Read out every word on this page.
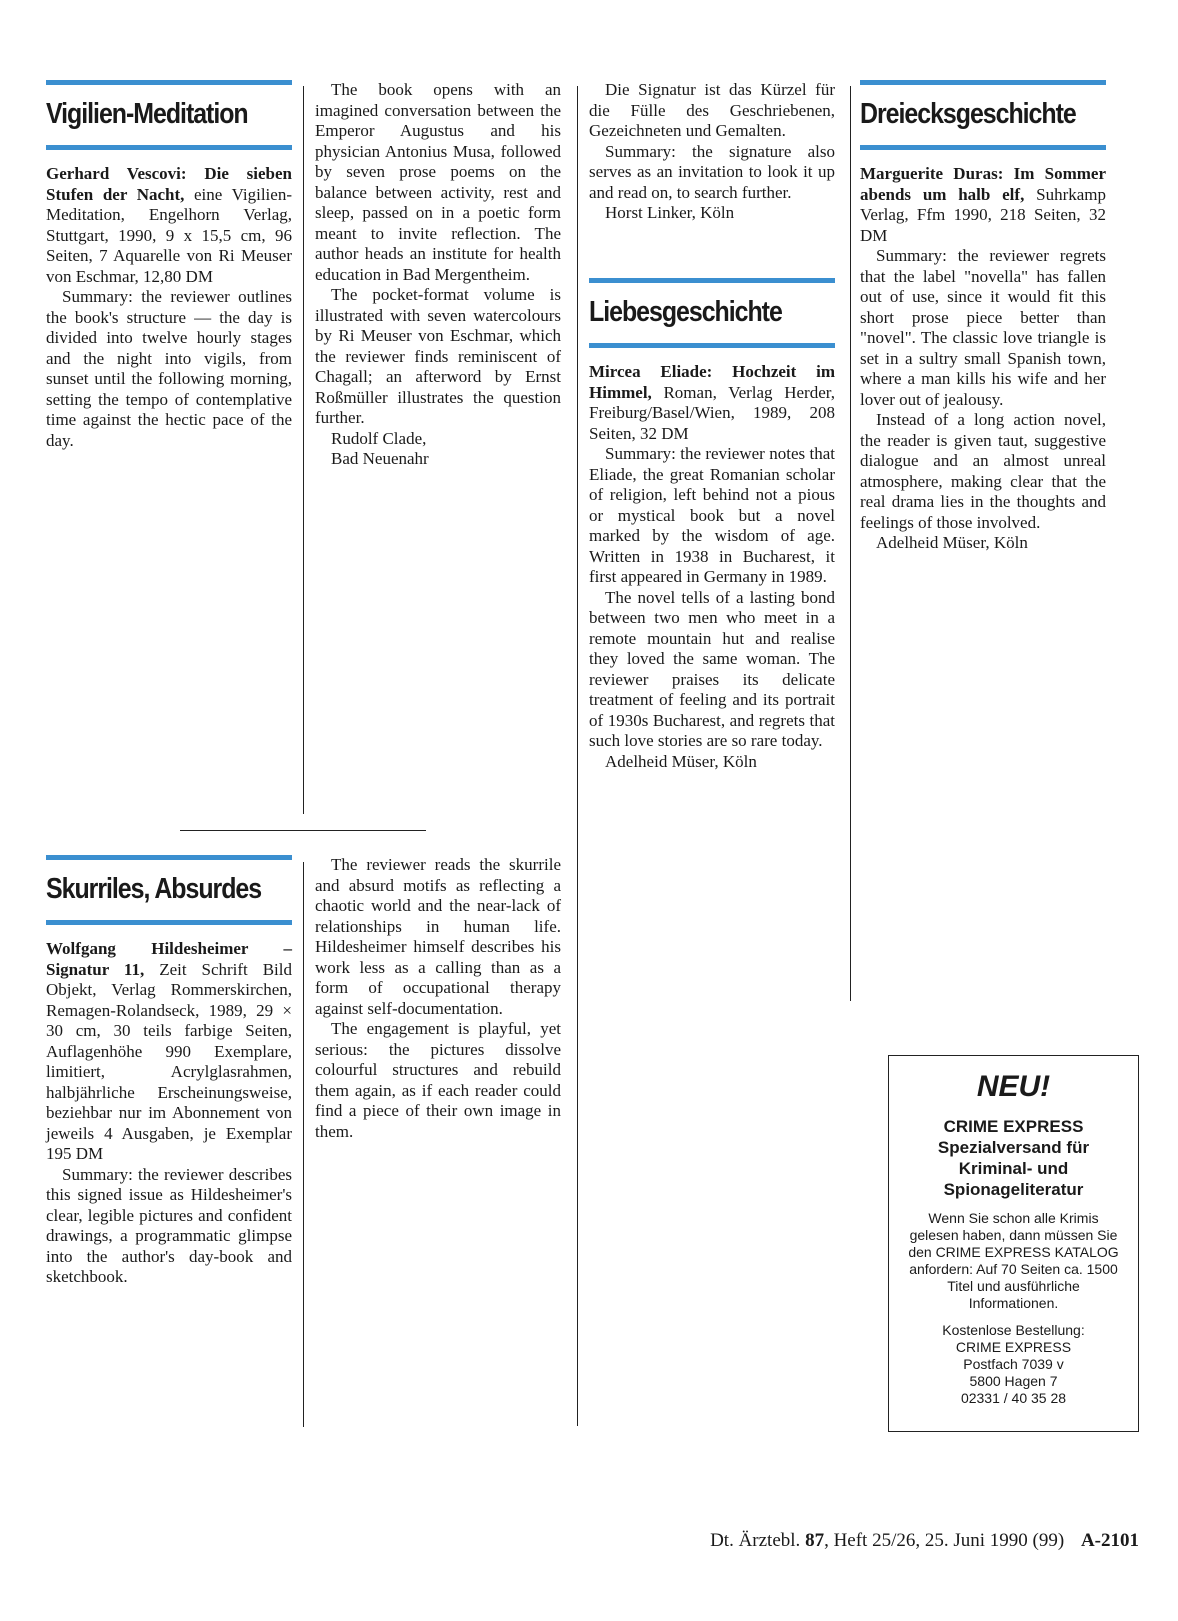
Vigilien-Meditation

Gerhard Vescovi: Die sieben Stufen der Nacht, eine Vigilien-Meditation, Engelhorn Verlag, Stuttgart, 1990, 9 x 15,5 cm, 96 Seiten, 7 Aquarelle von Ri Meuser von Eschmar, 12,80 DM

Summary: the reviewer outlines the book's structure — the day is divided into twelve hourly stages and the night into vigils, from sunset until the following morning, setting the tempo of contemplative time against the hectic pace of the day.

The book opens with an imagined conversation between the Emperor Augustus and his physician Antonius Musa, followed by seven prose poems on the balance between activity, rest and sleep, passed on in a poetic form meant to invite reflection. The author heads an institute for health education in Bad Mergentheim.

The pocket-format volume is illustrated with seven watercolours by Ri Meuser von Eschmar, which the reviewer finds reminiscent of Chagall; an afterword by Ernst Roßmüller illustrates the question further.

Rudolf Clade,

Bad Neuenahr

Skurriles, Absurdes

Wolfgang Hildesheimer – Signatur 11, Zeit Schrift Bild Objekt, Verlag Rommerskirchen, Remagen-Rolandseck, 1989, 29 × 30 cm, 30 teils farbige Seiten, Auflagenhöhe 990 Exemplare, limitiert, Acrylglasrahmen, halbjährliche Erscheinungsweise, beziehbar nur im Abonnement von jeweils 4 Ausgaben, je Exemplar 195 DM

Summary: the reviewer describes this signed issue as Hildesheimer's clear, legible pictures and confident drawings, a programmatic glimpse into the author's day-book and sketchbook.

The reviewer reads the skurrile and absurd motifs as reflecting a chaotic world and the near-lack of relationships in human life. Hildesheimer himself describes his work less as a calling than as a form of occupational therapy against self-documentation.

The engagement is playful, yet serious: the pictures dissolve colourful structures and rebuild them again, as if each reader could find a piece of their own image in them.

Die Signatur ist das Kürzel für die Fülle des Geschriebenen, Gezeichneten und Gemalten.

Summary: the signature also serves as an invitation to look it up and read on, to search further.

Horst Linker, Köln

Liebesgeschichte

Mircea Eliade: Hochzeit im Himmel, Roman, Verlag Herder, Freiburg/Basel/Wien, 1989, 208 Seiten, 32 DM

Summary: the reviewer notes that Eliade, the great Romanian scholar of religion, left behind not a pious or mystical book but a novel marked by the wisdom of age. Written in 1938 in Bucharest, it first appeared in Germany in 1989.

The novel tells of a lasting bond between two men who meet in a remote mountain hut and realise they loved the same woman. The reviewer praises its delicate treatment of feeling and its portrait of 1930s Bucharest, and regrets that such love stories are so rare today.

Adelheid Müser, Köln

Dreiecksgeschichte

Marguerite Duras: Im Sommer abends um halb elf, Suhrkamp Verlag, Ffm 1990, 218 Seiten, 32 DM

Summary: the reviewer regrets that the label "novella" has fallen out of use, since it would fit this short prose piece better than "novel". The classic love triangle is set in a sultry small Spanish town, where a man kills his wife and her lover out of jealousy.

Instead of a long action novel, the reader is given taut, suggestive dialogue and an almost unreal atmosphere, making clear that the real drama lies in the thoughts and feelings of those involved.

Adelheid Müser, Köln

NEU!
CRIME EXPRESS
Spezialversand für Kriminal- und Spionageliteratur
Wenn Sie schon alle Krimis gelesen haben, dann müssen Sie den CRIME EXPRESS KATALOG anfordern: Auf 70 Seiten ca. 1500 Titel und ausführliche Informationen.
Kostenlose Bestellung:
CRIME EXPRESS
Postfach 7039 v
5800 Hagen 7
02331 / 40 35 28
Dt. Ärztebl. 87, Heft 25/26, 25. Juni 1990 (99) A-2101
